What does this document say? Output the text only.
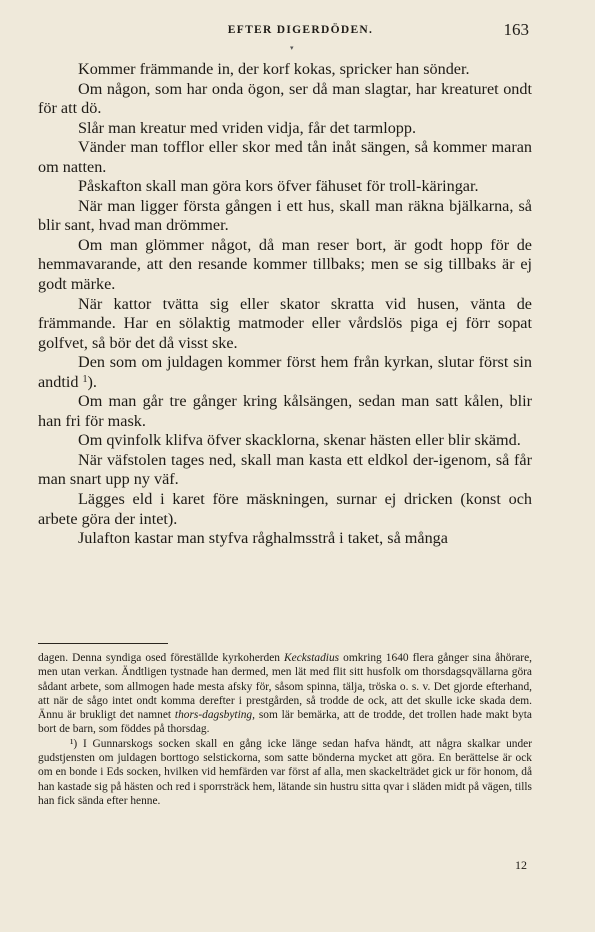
EFTER DIGERDÖDEN.	163
▾

Kommer främmande in, der korf kokas, spricker han sönder.

Om någon, som har onda ögon, ser då man slagtar, har kreaturet ondt för att dö.

Slår man kreatur med vriden vidja, får det tarmlopp.

Vänder man tofflor eller skor med tån inåt sängen, så kommer maran om natten.

Påskafton skall man göra kors öfver fähuset för troll-käringar.

När man ligger första gången i ett hus, skall man räkna bjälkarna, så blir sant, hvad man drömmer.

Om man glömmer något, då man reser bort, är godt hopp för de hemmavarande, att den resande kommer tillbaks; men se sig tillbaks är ej godt märke.

När kattor tvätta sig eller skator skratta vid husen, vänta de främmande. Har en sölaktig matmoder eller vårdslös piga ej förr sopat golfvet, så bör det då visst ske.

Den som om juldagen kommer först hem från kyrkan, slutar först sin andtid $^1$).

Om man går tre gånger kring kålsängen, sedan man satt kålen, blir han fri för mask.

Om qvinfolk klifva öfver skacklorna, skenar hästen eller blir skämd.

När väfstolen tages ned, skall man kasta ett eldkol der-igenom, så får man snart upp ny väf.

Lägges eld i karet före mäskningen, surnar ej dricken (konst och arbete göra der intet).

Julafton kastar man styfva råghalmsstrå i taket, så många

dagen. Denna syndiga osed föreställde kyrkoherden Keckstadius omkring 1640 flera gånger sina åhörare, men utan verkan. Ändtligen tystnade han dermed, men lät med flit sitt husfolk om thorsdagsqvällarna göra sådant arbete, som allmogen hade mesta afsky för, såsom spinna, tälja, tröska o. s. v. Det gjorde efterhand, att när de sågo intet ondt komma derefter i prestgården, så trodde de ock, att det skulle icke skada dem. Ännu är brukligt det namnet thors-dagsbyting, som lär bemärka, att de trodde, det trollen hade makt byta bort de barn, som föddes på thorsdag.

¹) I Gunnarskogs socken skall en gång icke länge sedan hafva händt, att några skalkar under gudstjensten om juldagen borttogo selstickorna, som satte bönderna mycket att göra. En berättelse är ock om en bonde i Eds socken, hvilken vid hemfärden var först af alla, men skackelträdet gick ur för honom, då han kastade sig på hästen och red i sporrsträck hem, lätande sin hustru sitta qvar i släden midt på vägen, tills han fick sända efter henne.

12
